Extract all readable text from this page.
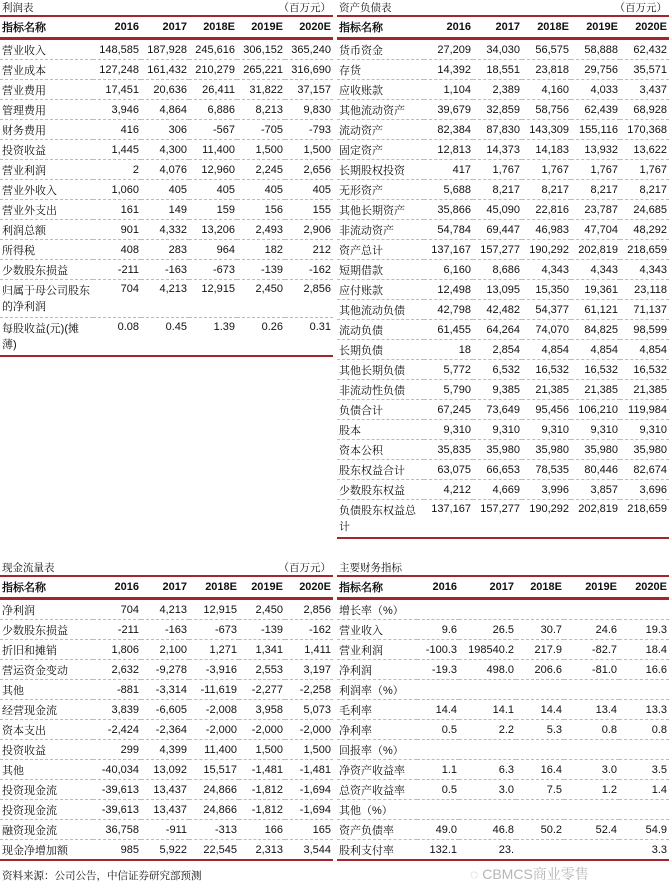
利润表	（百万元）
指标名称	2016	2017	2018E	2019E	2020E
营业收入	148,585	187,928	245,616	306,152	365,240
营业成本	127,248	161,432	210,279	265,221	316,690
营业费用	17,451	20,636	26,411	31,822	37,157
管理费用	3,946	4,864	6,886	8,213	9,830
财务费用	416	306	-567	-705	-793
投资收益	1,445	4,300	11,400	1,500	1,500
营业利润	2	4,076	12,960	2,245	2,656
营业外收入	1,060	405	405	405	405
营业外支出	161	149	159	156	155
利润总额	901	4,332	13,206	2,493	2,906
所得税	408	283	964	182	212
少数股东损益	-211	-163	-673	-139	-162
归属于母公司股东的净利润	704	4,213	12,915	2,450	2,856
每股收益(元)(摊薄)	0.08	0.45	1.39	0.26	0.31
资产负债表	（百万元）
指标名称	2016	2017	2018E	2019E	2020E
货币资金	27,209	34,030	56,575	58,888	62,432
存货	14,392	18,551	23,818	29,756	35,571
应收账款	1,104	2,389	4,160	4,033	3,437
其他流动资产	39,679	32,859	58,756	62,439	68,928
流动资产	82,384	87,830	143,309	155,116	170,368
固定资产	12,813	14,373	14,183	13,932	13,622
长期股权投资	417	1,767	1,767	1,767	1,767
无形资产	5,688	8,217	8,217	8,217	8,217
其他长期资产	35,866	45,090	22,816	23,787	24,685
非流动资产	54,784	69,447	46,983	47,704	48,292
资产总计	137,167	157,277	190,292	202,819	218,659
短期借款	6,160	8,686	4,343	4,343	4,343
应付账款	12,498	13,095	15,350	19,361	23,118
其他流动负债	42,798	42,482	54,377	61,121	71,137
流动负债	61,455	64,264	74,070	84,825	98,599
长期负债	18	2,854	4,854	4,854	4,854
其他长期负债	5,772	6,532	16,532	16,532	16,532
非流动性负债	5,790	9,385	21,385	21,385	21,385
负债合计	67,245	73,649	95,456	106,210	119,984
股本	9,310	9,310	9,310	9,310	9,310
资本公积	35,835	35,980	35,980	35,980	35,980
股东权益合计	63,075	66,653	78,535	80,446	82,674
少数股东权益	4,212	4,669	3,996	3,857	3,696
负债股东权益总计	137,167	157,277	190,292	202,819	218,659
现金流量表	（百万元）
指标名称	2016	2017	2018E	2019E	2020E
净利润	704	4,213	12,915	2,450	2,856
少数股东损益	-211	-163	-673	-139	-162
折旧和摊销	1,806	2,100	1,271	1,341	1,411
营运资金变动	2,632	-9,278	-3,916	2,553	3,197
其他	-881	-3,314	-11,619	-2,277	-2,258
经营现金流	3,839	-6,605	-2,008	3,958	5,073
资本支出	-2,424	-2,364	-2,000	-2,000	-2,000
投资收益	299	4,399	11,400	1,500	1,500
其他	-40,034	13,092	15,517	-1,481	-1,481
投资现金流	-39,613	13,437	24,866	-1,812	-1,694
投资现金流	-39,613	13,437	24,866	-1,812	-1,694
融资现金流	36,758	-911	-313	166	165
现金净增加额	985	5,922	22,545	2,313	3,544
主要财务指标
指标名称	2016	2017	2018E	2019E	2020E
增长率（%）					
营业收入	9.6	26.5	30.7	24.6	19.3
营业利润	-100.3	198540.2	217.9	-82.7	18.4
净利润	-19.3	498.0	206.6	-81.0	16.6
利润率（%）					
毛利率	14.4	14.1	14.4	13.4	13.3
净利率	0.5	2.2	5.3	0.8	0.8
回报率（%）					
净资产收益率	1.1	6.3	16.4	3.0	3.5
总资产收益率	0.5	3.0	7.5	1.2	1.4
其他（%）					
资产负债率	49.0	46.8	50.2	52.4	54.9
股利支付率	132.1	23.			3.3
资料来源：公司公告，中信证券研究部预测	◌ CBMCS商业零售
